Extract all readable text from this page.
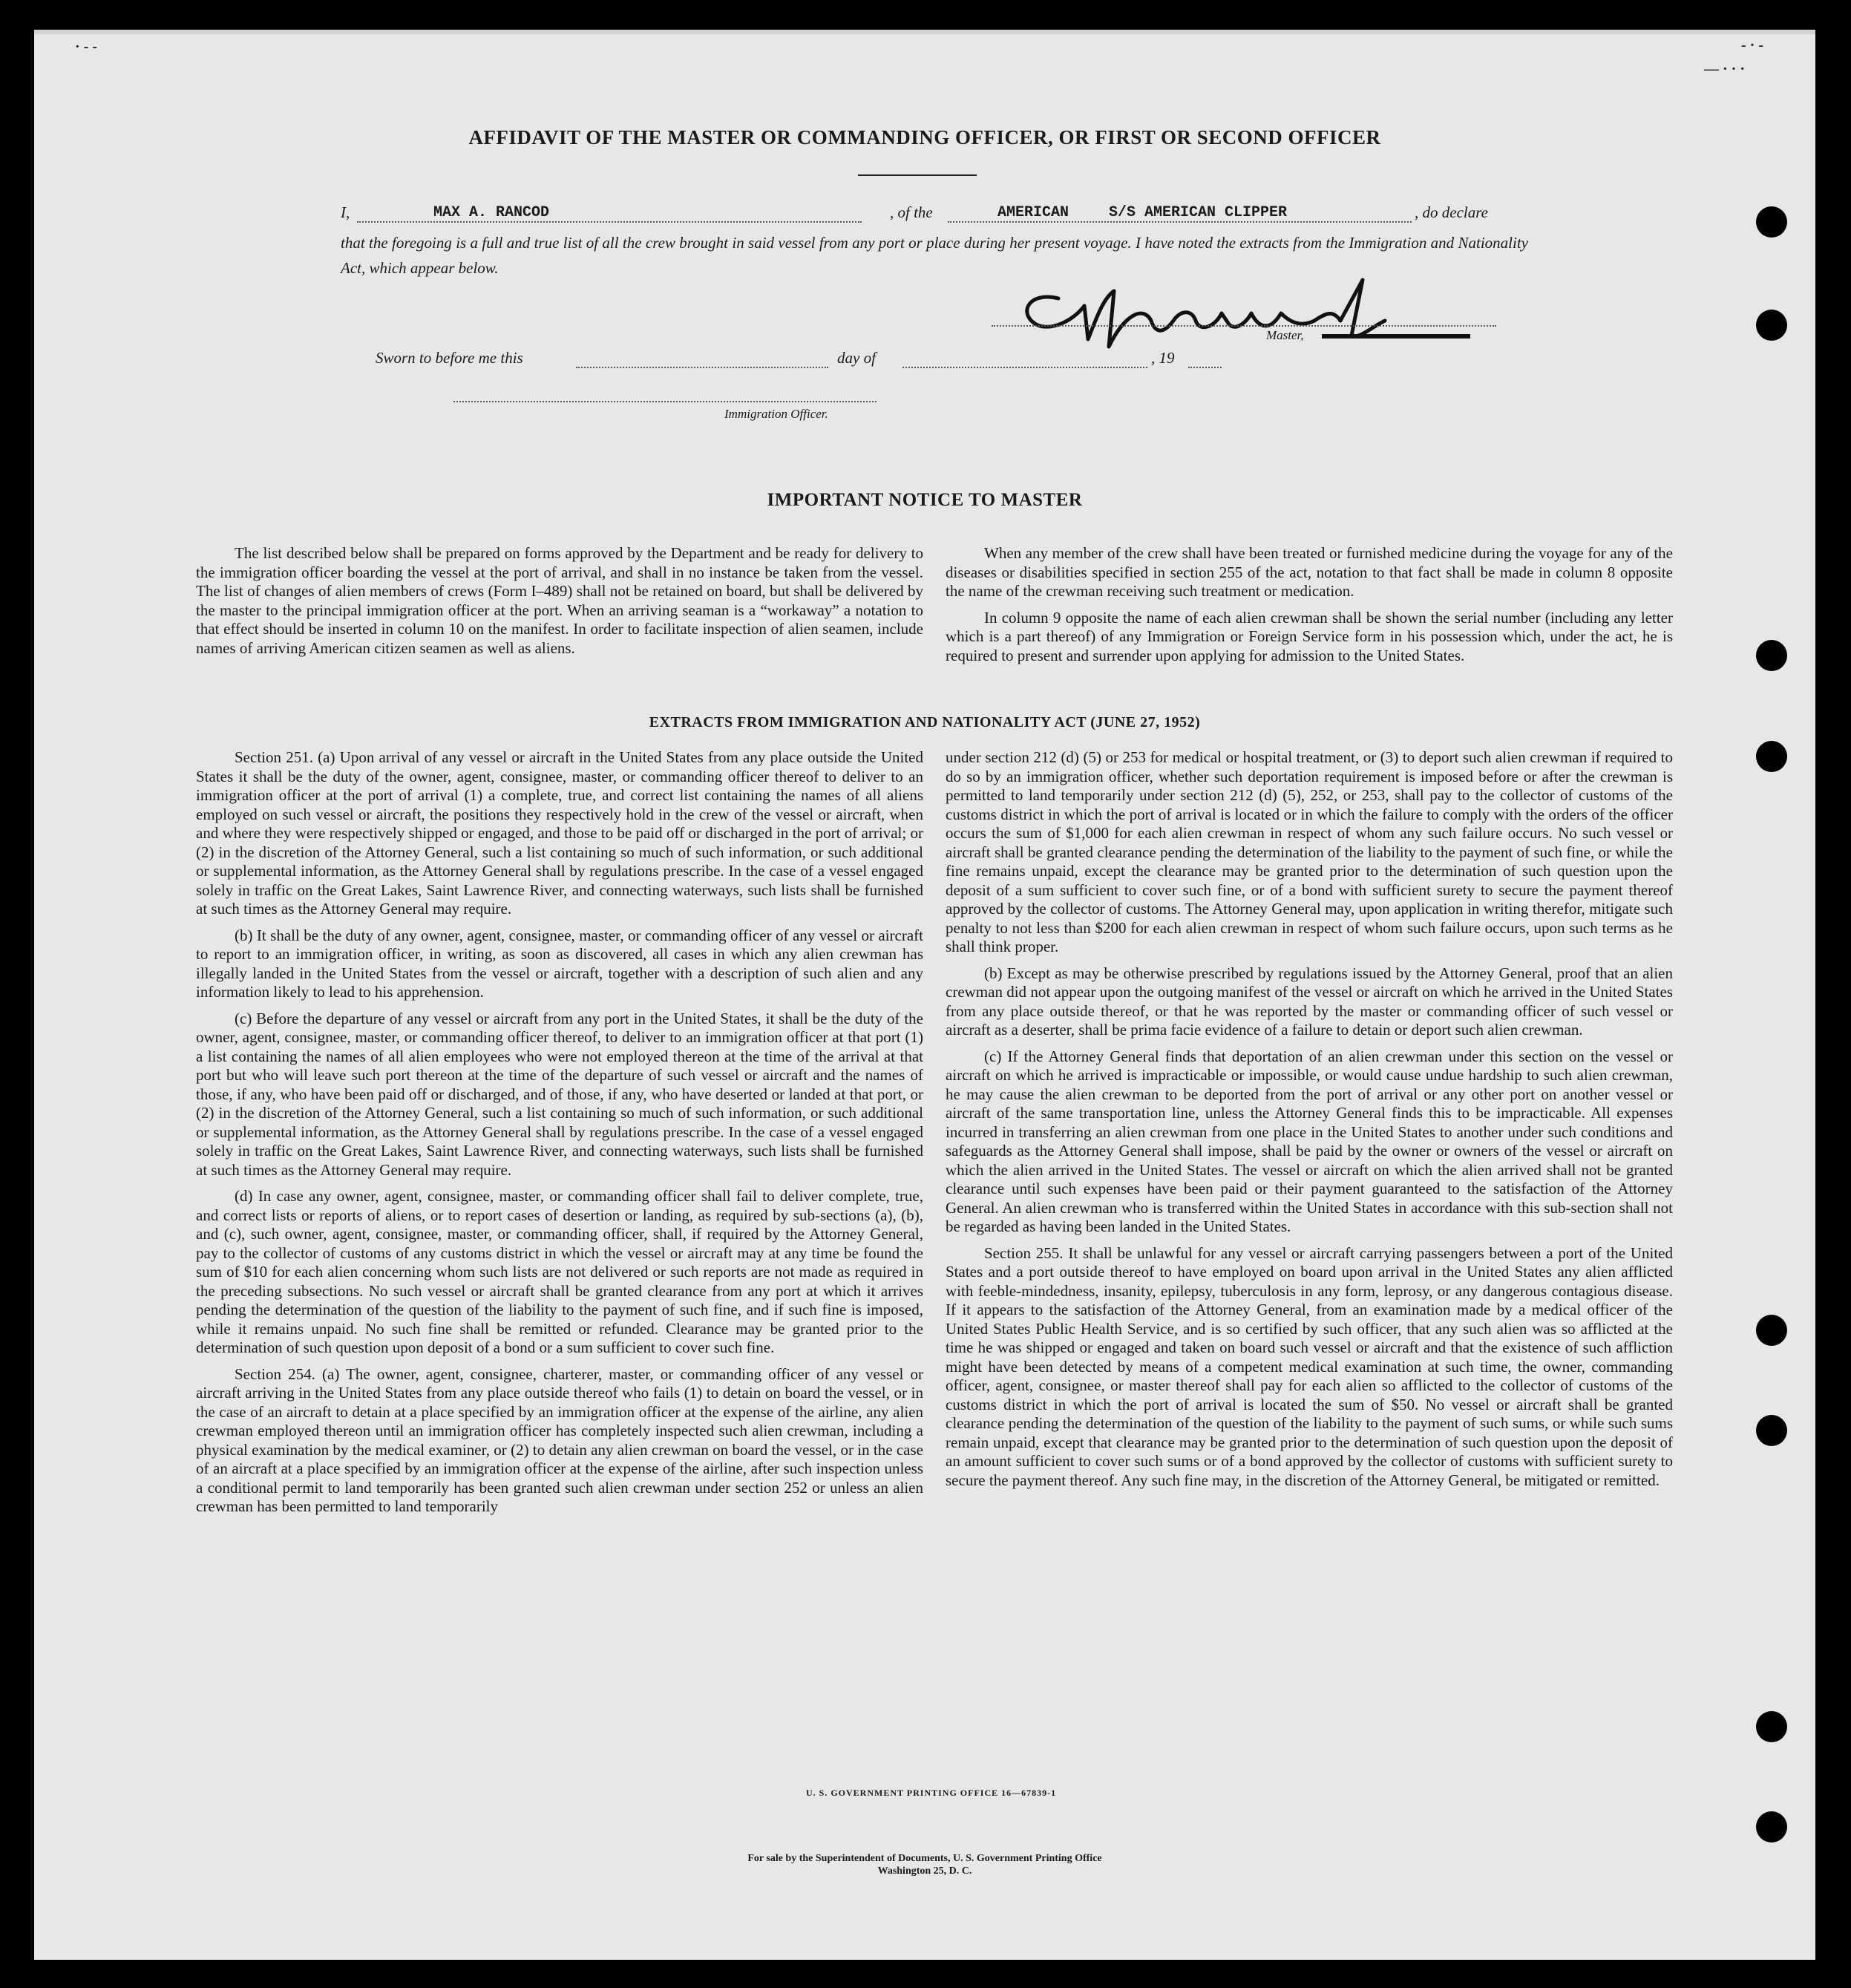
· - -	- · -
— · · ·
AFFIDAVIT OF THE MASTER OR COMMANDING OFFICER, OR FIRST OR SECOND OFFICER
I,	MAX A. RANCOD	, of the	AMERICAN	S/S AMERICAN CLIPPER	, do declare
that the foregoing is a full and true list of all the crew brought in said vessel from any port or place during her present voyage. I have noted the extracts from the Immigration and Nationality Act, which appear below.
Master,
Sworn to before me this	day of	, 19
Immigration Officer.
IMPORTANT NOTICE TO MASTER

The list described below shall be prepared on forms approved by the Department and be ready for delivery to the immigration officer boarding the vessel at the port of arrival, and shall in no instance be taken from the vessel. The list of changes of alien members of crews (Form I–489) shall not be retained on board, but shall be delivered by the master to the principal immigration officer at the port. When an arriving seaman is a “workaway” a notation to that effect should be inserted in column 10 on the manifest. In order to facilitate inspection of alien seamen, include names of arriving American citizen seamen as well as aliens.

When any member of the crew shall have been treated or furnished medicine during the voyage for any of the diseases or disabilities specified in section 255 of the act, notation to that fact shall be made in column 8 opposite the name of the crewman receiving such treatment or medication.

In column 9 opposite the name of each alien crewman shall be shown the serial number (including any letter which is a part thereof) of any Immigration or Foreign Service form in his possession which, under the act, he is required to present and surrender upon applying for admission to the United States.

EXTRACTS FROM IMMIGRATION AND NATIONALITY ACT (JUNE 27, 1952)

Section 251. (a) Upon arrival of any vessel or aircraft in the United States from any place outside the United States it shall be the duty of the owner, agent, consignee, master, or commanding officer thereof to deliver to an immigration officer at the port of arrival (1) a complete, true, and correct list containing the names of all aliens employed on such vessel or aircraft, the positions they respectively hold in the crew of the vessel or aircraft, when and where they were respectively shipped or engaged, and those to be paid off or discharged in the port of arrival; or (2) in the discretion of the Attorney General, such a list containing so much of such information, or such additional or supplemental information, as the Attorney General shall by regulations prescribe. In the case of a vessel engaged solely in traffic on the Great Lakes, Saint Lawrence River, and connecting waterways, such lists shall be furnished at such times as the Attorney General may require.

(b) It shall be the duty of any owner, agent, consignee, master, or commanding officer of any vessel or aircraft to report to an immigration officer, in writing, as soon as discovered, all cases in which any alien crewman has illegally landed in the United States from the vessel or aircraft, together with a description of such alien and any information likely to lead to his apprehension.

(c) Before the departure of any vessel or aircraft from any port in the United States, it shall be the duty of the owner, agent, consignee, master, or commanding officer thereof, to deliver to an immigration officer at that port (1) a list containing the names of all alien employees who were not employed thereon at the time of the arrival at that port but who will leave such port thereon at the time of the departure of such vessel or aircraft and the names of those, if any, who have been paid off or discharged, and of those, if any, who have deserted or landed at that port, or (2) in the discretion of the Attorney General, such a list containing so much of such information, or such additional or supplemental information, as the Attorney General shall by regulations prescribe. In the case of a vessel engaged solely in traffic on the Great Lakes, Saint Lawrence River, and connecting waterways, such lists shall be furnished at such times as the Attorney General may require.

(d) In case any owner, agent, consignee, master, or commanding officer shall fail to deliver complete, true, and correct lists or reports of aliens, or to report cases of desertion or landing, as required by sub-sections (a), (b), and (c), such owner, agent, consignee, master, or commanding officer, shall, if required by the Attorney General, pay to the collector of customs of any customs district in which the vessel or aircraft may at any time be found the sum of $10 for each alien concerning whom such lists are not delivered or such reports are not made as required in the preceding subsections. No such vessel or aircraft shall be granted clearance from any port at which it arrives pending the determination of the question of the liability to the payment of such fine, and if such fine is imposed, while it remains unpaid. No such fine shall be remitted or refunded. Clearance may be granted prior to the determination of such question upon deposit of a bond or a sum sufficient to cover such fine.

Section 254. (a) The owner, agent, consignee, charterer, master, or commanding officer of any vessel or aircraft arriving in the United States from any place outside thereof who fails (1) to detain on board the vessel, or in the case of an aircraft to detain at a place specified by an immigration officer at the expense of the airline, any alien crewman employed thereon until an immigration officer has completely inspected such alien crewman, including a physical examination by the medical examiner, or (2) to detain any alien crewman on board the vessel, or in the case of an aircraft at a place specified by an immigration officer at the expense of the airline, after such inspection unless a conditional permit to land temporarily has been granted such alien crewman under section 252 or unless an alien crewman has been permitted to land temporarily

under section 212 (d) (5) or 253 for medical or hospital treatment, or (3) to deport such alien crewman if required to do so by an immigration officer, whether such deportation requirement is imposed before or after the crewman is permitted to land temporarily under section 212 (d) (5), 252, or 253, shall pay to the collector of customs of the customs district in which the port of arrival is located or in which the failure to comply with the orders of the officer occurs the sum of $1,000 for each alien crewman in respect of whom any such failure occurs. No such vessel or aircraft shall be granted clearance pending the determination of the liability to the payment of such fine, or while the fine remains unpaid, except the clearance may be granted prior to the determination of such question upon the deposit of a sum sufficient to cover such fine, or of a bond with sufficient surety to secure the payment thereof approved by the collector of customs. The Attorney General may, upon application in writing therefor, mitigate such penalty to not less than $200 for each alien crewman in respect of whom such failure occurs, upon such terms as he shall think proper.

(b) Except as may be otherwise prescribed by regulations issued by the Attorney General, proof that an alien crewman did not appear upon the outgoing manifest of the vessel or aircraft on which he arrived in the United States from any place outside thereof, or that he was reported by the master or commanding officer of such vessel or aircraft as a deserter, shall be prima facie evidence of a failure to detain or deport such alien crewman.

(c) If the Attorney General finds that deportation of an alien crewman under this section on the vessel or aircraft on which he arrived is impracticable or impossible, or would cause undue hardship to such alien crewman, he may cause the alien crewman to be deported from the port of arrival or any other port on another vessel or aircraft of the same transportation line, unless the Attorney General finds this to be impracticable. All expenses incurred in transferring an alien crewman from one place in the United States to another under such conditions and safeguards as the Attorney General shall impose, shall be paid by the owner or owners of the vessel or aircraft on which the alien arrived in the United States. The vessel or aircraft on which the alien arrived shall not be granted clearance until such expenses have been paid or their payment guaranteed to the satisfaction of the Attorney General. An alien crewman who is transferred within the United States in accordance with this sub-section shall not be regarded as having been landed in the United States.

Section 255. It shall be unlawful for any vessel or aircraft carrying passengers between a port of the United States and a port outside thereof to have employed on board upon arrival in the United States any alien afflicted with feeble-mindedness, insanity, epilepsy, tuberculosis in any form, leprosy, or any dangerous contagious disease. If it appears to the satisfaction of the Attorney General, from an examination made by a medical officer of the United States Public Health Service, and is so certified by such officer, that any such alien was so afflicted at the time he was shipped or engaged and taken on board such vessel or aircraft and that the existence of such affliction might have been detected by means of a competent medical examination at such time, the owner, commanding officer, agent, consignee, or master thereof shall pay for each alien so afflicted to the collector of customs of the customs district in which the port of arrival is located the sum of $50. No vessel or aircraft shall be granted clearance pending the determination of the question of the liability to the payment of such sums, or while such sums remain unpaid, except that clearance may be granted prior to the determination of such question upon the deposit of an amount sufficient to cover such sums or of a bond approved by the collector of customs with sufficient surety to secure the payment thereof. Any such fine may, in the discretion of the Attorney General, be mitigated or remitted.

U. S. GOVERNMENT PRINTING OFFICE 16—67839-1
For sale by the Superintendent of Documents, U. S. Government Printing Office
Washington 25, D. C.
